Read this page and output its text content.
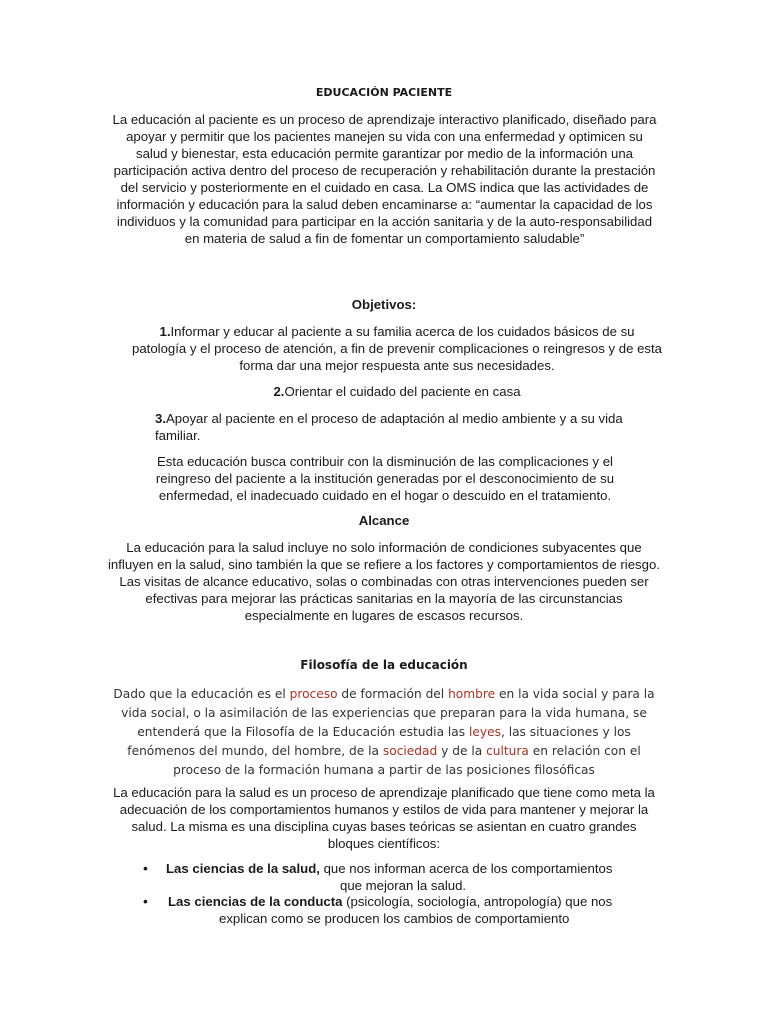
EDUCACIÓN PACIENTE
La educación al paciente es un proceso de aprendizaje interactivo planificado, diseñado para apoyar y permitir que los pacientes manejen su vida con una enfermedad y optimicen su salud y bienestar, esta educación permite garantizar por medio de la información una participación activa dentro del proceso de recuperación y rehabilitación durante la prestación del servicio y posteriormente en el cuidado en casa. La OMS indica que las actividades de información y educación para la salud deben encaminarse a: “aumentar la capacidad de los individuos y la comunidad para participar en la acción sanitaria y de la auto-responsabilidad en materia de salud a fin de fomentar un comportamiento saludable”
Objetivos:
1.Informar y educar al paciente a su familia acerca de los cuidados básicos de su patología y el proceso de atención, a fin de prevenir complicaciones o reingresos y de esta forma dar una mejor respuesta ante sus necesidades.
2.Orientar el cuidado del paciente en casa
3.Apoyar al paciente en el proceso de adaptación al medio ambiente y a su vida familiar.
Esta educación busca contribuir con la disminución de las complicaciones y el reingreso del paciente a la institución generadas por el desconocimiento de su enfermedad, el inadecuado cuidado en el hogar o descuido en el tratamiento.
Alcance
La educación para la salud incluye no solo información de condiciones subyacentes que influyen en la salud, sino también la que se refiere a los factores y comportamientos de riesgo. Las visitas de alcance educativo, solas o combinadas con otras intervenciones pueden ser efectivas para mejorar las prácticas sanitarias en la mayoría de las circunstancias especialmente en lugares de escasos recursos.
Filosofía de la educación
Dado que la educación es el proceso de formación del hombre en la vida social y para la vida social, o la asimilación de las experiencias que preparan para la vida humana, se entenderá que la Filosofía de la Educación estudia las leyes, las situaciones y los fenómenos del mundo, del hombre, de la sociedad y de la cultura en relación con el proceso de la formación humana a partir de las posiciones filosóficas
La educación para la salud es un proceso de aprendizaje planificado que tiene como meta la adecuación de los comportamientos humanos y estilos de vida para mantener y mejorar la salud. La misma es una disciplina cuyas bases teóricas se asientan en cuatro grandes bloques científicos:
• Las ciencias de la salud, que nos informan acerca de los comportamientos
que mejoran la salud.
• Las ciencias de la conducta (psicología, sociología, antropología) que nos
explican como se producen los cambios de comportamiento
